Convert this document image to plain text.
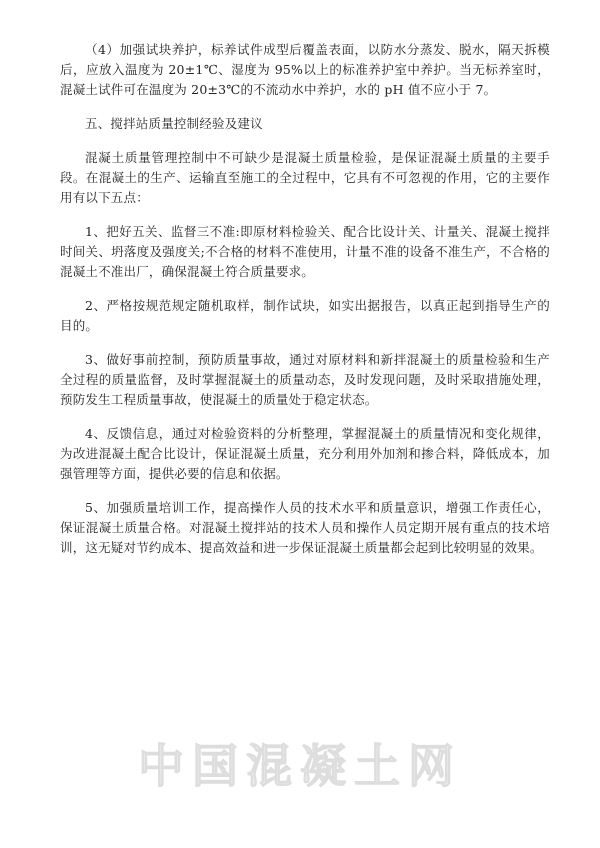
（4）加强试块养护，标养试件成型后覆盖表面，以防水分蒸发、脱水，隔天拆模后，应放入温度为 20±1℃、湿度为 95%以上的标准养护室中养护。当无标养室时，混凝土试件可在温度为 20±3℃的不流动水中养护，水的 pH 值不应小于 7。

五、搅拌站质量控制经验及建议

混凝土质量管理控制中不可缺少是混凝土质量检验，是保证混凝土质量的主要手段。在混凝土的生产、运输直至施工的全过程中，它具有不可忽视的作用，它的主要作用有以下五点：

1、把好五关、监督三不准:即原材料检验关、配合比设计关、计量关、混凝土搅拌时间关、坍落度及强度关;不合格的材料不准使用，计量不准的设备不准生产，不合格的混凝土不准出厂，确保混凝土符合质量要求。

2、严格按规范规定随机取样，制作试块，如实出据报告，以真正起到指导生产的目的。

3、做好事前控制，预防质量事故，通过对原材料和新拌混凝土的质量检验和生产全过程的质量监督，及时掌握混凝土的质量动态，及时发现问题，及时采取措施处理，预防发生工程质量事故，使混凝土的质量处于稳定状态。

4、反馈信息，通过对检验资料的分析整理，掌握混凝土的质量情况和变化规律，为改进混凝土配合比设计，保证混凝土质量，充分利用外加剂和掺合料，降低成本，加强管理等方面，提供必要的信息和依据。

5、加强质量培训工作，提高操作人员的技术水平和质量意识，增强工作责任心，保证混凝土质量合格。对混凝土搅拌站的技术人员和操作人员定期开展有重点的技术培训，这无疑对节约成本、提高效益和进一步保证混凝土质量都会起到比较明显的效果。

中国混凝土网
